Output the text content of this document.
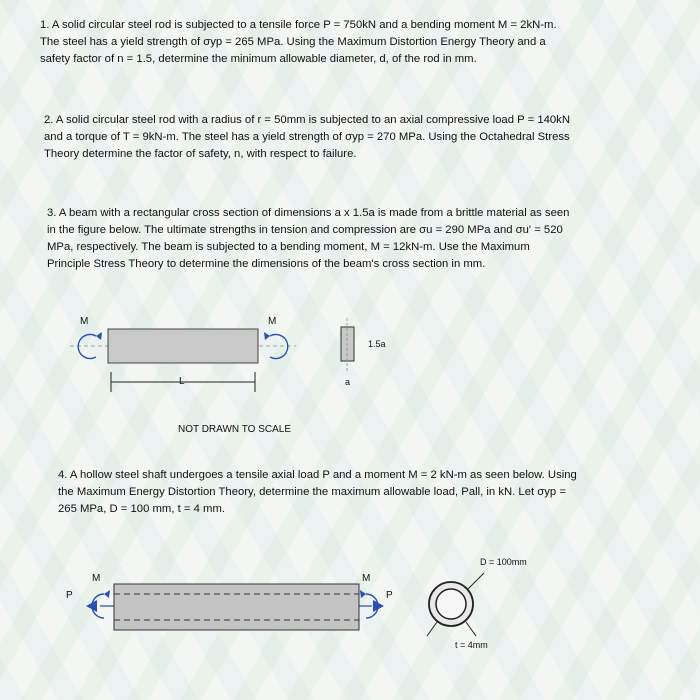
1. A solid circular steel rod is subjected to a tensile force P = 750kN and a bending moment M = 2kN-m.
The steel has a yield strength of σyp = 265 MPa. Using the Maximum Distortion Energy Theory and a
safety factor of n = 1.5, determine the minimum allowable diameter, d, of the rod in mm.
2. A solid circular steel rod with a radius of r = 50mm is subjected to an axial compressive load P = 140kN
and a torque of T = 9kN-m. The steel has a yield strength of σyp = 270 MPa. Using the Octahedral Stress
Theory determine the factor of safety, n, with respect to failure.
3. A beam with a rectangular cross section of dimensions a x 1.5a is made from a brittle material as seen
in the figure below. The ultimate strengths in tension and compression are σu = 290 MPa and σu' = 520
MPa, respectively. The beam is subjected to a bending moment, M = 12kN-m. Use the Maximum
Principle Stress Theory to determine the dimensions of the beam's cross section in mm.
M	M
L
1.5a
a
NOT DRAWN TO SCALE
4. A hollow steel shaft undergoes a tensile axial load P and a moment M = 2 kN-m as seen below. Using
the Maximum Energy Distortion Theory, determine the maximum allowable load, Pall, in kN. Let σyp =
265 MPa, D = 100 mm, t = 4 mm.
M	M
P	P
D = 100mm
t = 4mm
